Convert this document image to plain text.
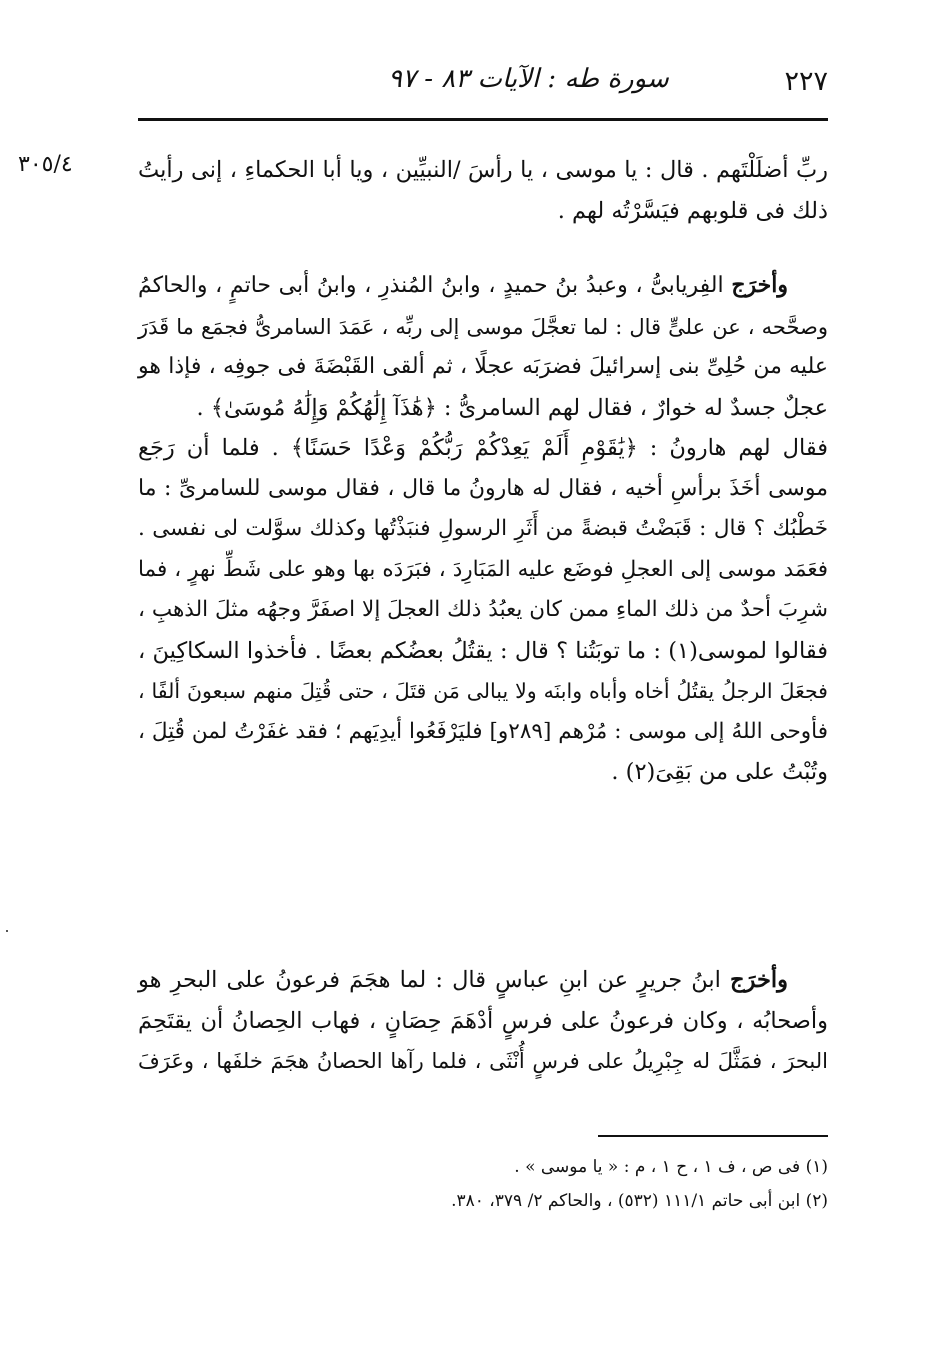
٢٢٧
سورة طه : الآيات ٨٣ - ٩٧
٣٠٥/٤	ربِّ أضلَلْتَهم . قال : يا موسى ، يا رأسَ /النبيِّين ، ويا أبا الحكماءِ ، إنى رأيتُ
ذلك فى قلوبهم فيَسَّرْتُه لهم .
وأخرَج الفِريابىُّ ، وعبدُ بنُ حميدٍ ، وابنُ المُنذرِ ، وابنُ أبى حاتمٍ ، والحاكمُ
وصحَّحه ، عن علىٍّ قال : لما تعجَّلَ موسى إلى ربِّه ، عَمَدَ السامرىُّ فجمَع ما قَدَرَ
عليه من حُلِىِّ بنى إسرائيلَ فضرَبَه عجلًا ، ثم ألقى القَبْضَةَ فى جوفِه ، فإذا هو
عجلٌ جسدٌ له خوارٌ ، فقال لهم السامرىُّ : ﴿هَٰذَآ إِلَٰهُكُمْ وَإِلَٰهُ مُوسَىٰ﴾ .
فقال لهم هارونُ : ﴿يَٰقَوْمِ أَلَمْ يَعِدْكُمْ رَبُّكُمْ وَعْدًا حَسَنًا﴾ . فلما أن رَجَع
موسى أخَذَ برأسِ أخيه ، فقال له هارونُ ما قال ، فقال موسى للسامرىِّ : ما
خَطْبُك ؟ قال : قَبَضْتُ قبضةً من أَثَرِ الرسولِ فنبَذْتُها وكذلك سوَّلت لى نفسى .
فعَمَد موسى إلى العجلِ فوضَع عليه المَبَارِدَ ، فبَرَدَه بها وهو على شَطِّ نهرٍ ، فما
شرِبَ أحدٌ من ذلك الماءِ ممن كان يعبُدُ ذلك العجلَ إلا اصفَرَّ وجهُه مثلَ الذهبِ ،
فقالوا لموسى(١) : ما توبَتُنا ؟ قال : يقتُلُ بعضُكم بعضًا . فأخذوا السكاكِينَ ،
فجعَلَ الرجلُ يقتُلُ أخاه وأباه وابنَه ولا يبالى مَن قتَلَ ، حتى قُتِلَ منهم سبعونَ ألفًا ،
فأوحى اللهُ إلى موسى : مُرْهم [٢٨٩و] فليَرْفَعُوا أيدِيَهم ؛ فقد غفَرْتُ لمن قُتِلَ ،
وتُبْتُ على من بَقِىَ(٢) .
وأخرَج ابنُ جريرٍ عن ابنِ عباسٍ قال : لما هجَمَ فرعونُ على البحرِ هو
وأصحابُه ، وكان فرعونُ على فرسٍ أدْهَمَ حِصَانٍ ، فهاب الحِصانُ أن يقتَحِمَ
البحرَ ، فمَثَّلَ له جِبْرِيلُ على فرسٍ أُنْثَى ، فلما رآها الحصانُ هجَمَ خلفَها ، وعَرَفَ
(١) فى ص ، ف ١ ، ح ١ ، م : « يا موسى » .
(٢) ابن أبى حاتم ١١١/١ (٥٣٢) ، والحاكم ٢/ ٣٧٩، ٣٨٠.
